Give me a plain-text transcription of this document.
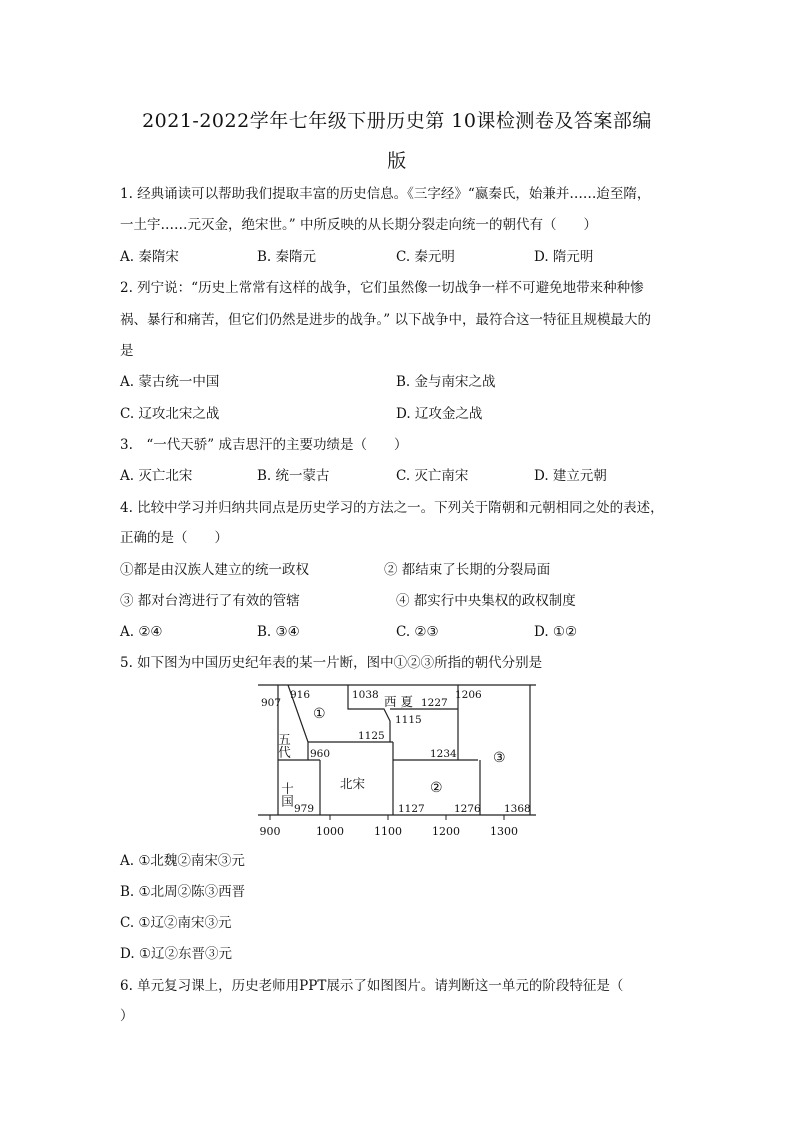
2021-2022学年七年级下册历史第 10课检测卷及答案部编
版
1. 经典诵读可以帮助我们提取丰富的历史信息。《三字经》“嬴秦氏，始兼并……迨至隋，
一土宇……元灭金，绝宋世。” 中所反映的从长期分裂走向统一的朝代有（　　）
A. 秦隋宋	B. 秦隋元	C. 秦元明	D. 隋元明
2. 列宁说：“历史上常常有这样的战争，它们虽然像一切战争一样不可避免地带来种种惨
祸、暴行和痛苦，但它们仍然是进步的战争。” 以下战争中，最符合这一特征且规模最大的
是
A. 蒙古统一中国	B. 金与南宋之战
C. 辽攻北宋之战	D. 辽攻金之战
3.　“一代天骄” 成吉思汗的主要功绩是（　　）
A. 灭亡北宋	B. 统一蒙古	C. 灭亡南宋	D. 建立元朝
4. 比较中学习并归纳共同点是历史学习的方法之一。下列关于隋朝和元朝相同之处的表述，
正确的是（　　）
①都是由汉族人建立的统一政权	② 都结束了长期的分裂局面
③ 都对台湾进行了有效的管辖	④ 都实行中央集权的政权制度
A. ②④	B. ③④	C. ②③	D. ①②
5. 如下图为中国历史纪年表的某一片断，图中①②③所指的朝代分别是
900	1000	1100	1200	1300
907
916
960
979
1038
1115
1125
1127
1206
1227
1234
1276 1368
五代
十国	北宋
西 夏
①
②
③
A. ①北魏②南宋③元
B. ①北周②陈③西晋
C. ①辽②南宋③元
D. ①辽②东晋③元
6. 单元复习课上，历史老师用PPT展示了如图图片。请判断这一单元的阶段特征是（
）
